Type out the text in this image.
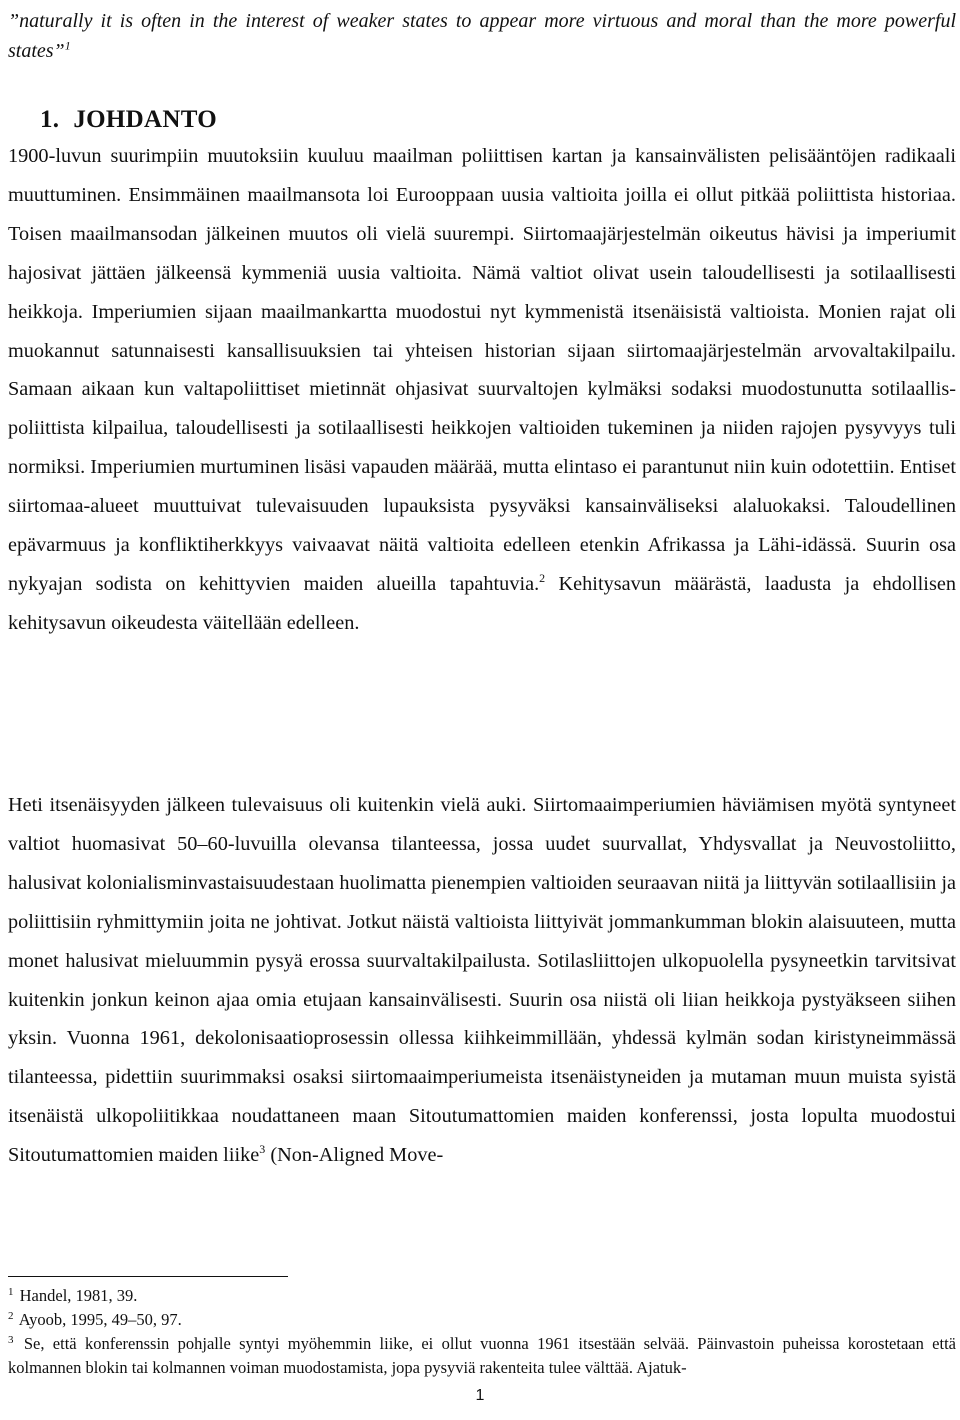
”naturally it is often in the interest of weaker states to appear more virtuous and moral than the more powerful states”$^1$
1. JOHDANTO
1900-luvun suurimpiin muutoksiin kuuluu maailman poliittisen kartan ja kansainvälisten pelisääntöjen radikaali muuttuminen. Ensimmäinen maailmansota loi Eurooppaan uusia valtioita joilla ei ollut pitkää poliittista historiaa. Toisen maailmansodan jälkeinen muutos oli vielä suurempi. Siirtomaajärjestelmän oikeutus hävisi ja imperiumit hajosivat jättäen jälkeensä kymmeniä uusia valtioita. Nämä valtiot olivat usein taloudellisesti ja sotilaallisesti heikkoja. Imperiumien sijaan maailmankartta muodostui nyt kymmenistä itsenäisistä valtioista. Monien rajat oli muokannut satunnaisesti kansallisuuksien tai yhteisen historian sijaan siirtomaajärjestelmän arvovaltakilpailu. Samaan aikaan kun valtapoliittiset mietinnät ohjasivat suurvaltojen kylmäksi sodaksi muodostunutta sotilaallis-poliittista kilpailua, taloudellisesti ja sotilaallisesti heikkojen valtioiden tukeminen ja niiden rajojen pysyvyys tuli normiksi. Imperiumien murtuminen lisäsi vapauden määrää, mutta elintaso ei parantunut niin kuin odotettiin. Entiset siirtomaa-alueet muuttuivat tulevaisuuden lupauksista pysyväksi kansainväliseksi alaluokaksi. Taloudellinen epävarmuus ja konfliktiherkkyys vaivaavat näitä valtioita edelleen etenkin Afrikassa ja Lähi-idässä. Suurin osa nykyajan sodista on kehittyvien maiden alueilla tapahtuvia.$^2$ Kehitysavun määrästä, laadusta ja ehdollisen kehitysavun oikeudesta väitellään edelleen.
Heti itsenäisyyden jälkeen tulevaisuus oli kuitenkin vielä auki. Siirtomaaimperiumien häviämisen myötä syntyneet valtiot huomasivat 50–60-luvuilla olevansa tilanteessa, jossa uudet suurvallat, Yhdysvallat ja Neuvostoliitto, halusivat kolonialisminvastaisuudestaan huolimatta pienempien valtioiden seuraavan niitä ja liittyvän sotilaallisiin ja poliittisiin ryhmittymiin joita ne johtivat. Jotkut näistä valtioista liittyivät jommankumman blokin alaisuuteen, mutta monet halusivat mieluummin pysyä erossa suurvaltakilpailusta. Sotilasliittojen ulkopuolella pysyneetkin tarvitsivat kuitenkin jonkun keinon ajaa omia etujaan kansainvälisesti. Suurin osa niistä oli liian heikkoja pystyäkseen siihen yksin. Vuonna 1961, dekolonisaatioprosessin ollessa kiihkeimmillään, yhdessä kylmän sodan kiristyneimmässä tilanteessa, pidettiin suurimmaksi osaksi siirtomaaimperiumeista itsenäistyneiden ja mutaman muun muista syistä itsenäistä ulkopoliitikkaa noudattaneen maan Sitoutumattomien maiden konferenssi, josta lopulta muodostui Sitoutumattomien maiden liike$^3$ (Non-Aligned Move-

$^1$ Handel, 1981, 39.

$^2$ Ayoob, 1995, 49–50, 97.

$^3$ Se, että konferenssin pohjalle syntyi myöhemmin liike, ei ollut vuonna 1961 itsestään selvää. Päinvastoin puheissa korostetaan että kolmannen blokin tai kolmannen voiman muodostamista, jopa pysyviä rakenteita tulee välttää. Ajatuk-

1
